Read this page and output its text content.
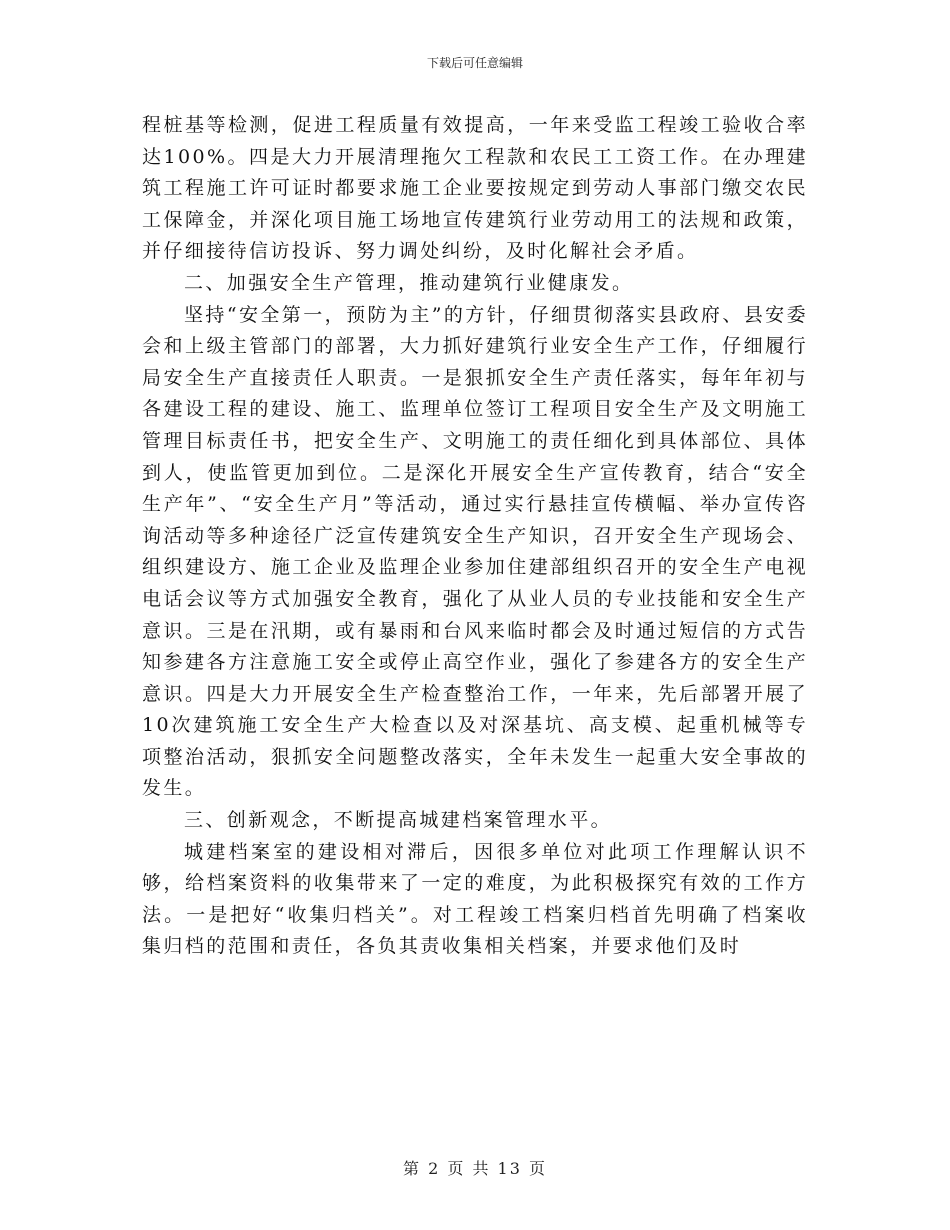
下载后可任意编辑

程桩基等检测，促进工程质量有效提高，一年来受监工程竣工验收合率达100%。四是大力开展清理拖欠工程款和农民工工资工作。在办理建筑工程施工许可证时都要求施工企业要按规定到劳动人事部门缴交农民工保障金，并深化项目施工场地宣传建筑行业劳动用工的法规和政策，并仔细接待信访投诉、努力调处纠纷，及时化解社会矛盾。

二、加强安全生产管理，推动建筑行业健康发。

坚持“安全第一，预防为主”的方针，仔细贯彻落实县政府、县安委会和上级主管部门的部署，大力抓好建筑行业安全生产工作，仔细履行局安全生产直接责任人职责。一是狠抓安全生产责任落实，每年年初与各建设工程的建设、施工、监理单位签订工程项目安全生产及文明施工管理目标责任书，把安全生产、文明施工的责任细化到具体部位、具体到人，使监管更加到位。二是深化开展安全生产宣传教育，结合“安全生产年”、“安全生产月”等活动，通过实行悬挂宣传横幅、举办宣传咨询活动等多种途径广泛宣传建筑安全生产知识，召开安全生产现场会、组织建设方、施工企业及监理企业参加住建部组织召开的安全生产电视电话会议等方式加强安全教育，强化了从业人员的专业技能和安全生产意识。三是在汛期，或有暴雨和台风来临时都会及时通过短信的方式告知参建各方注意施工安全或停止高空作业，强化了参建各方的安全生产意识。四是大力开展安全生产检查整治工作，一年来，先后部署开展了10次建筑施工安全生产大检查以及对深基坑、高支模、起重机械等专项整治活动，狠抓安全问题整改落实，全年未发生一起重大安全事故的发生。

三、创新观念，不断提高城建档案管理水平。

城建档案室的建设相对滞后，因很多单位对此项工作理解认识不够，给档案资料的收集带来了一定的难度，为此积极探究有效的工作方法。一是把好“收集归档关”。对工程竣工档案归档首先明确了档案收集归档的范围和责任，各负其责收集相关档案，并要求他们及时

第 2 页 共 13 页
